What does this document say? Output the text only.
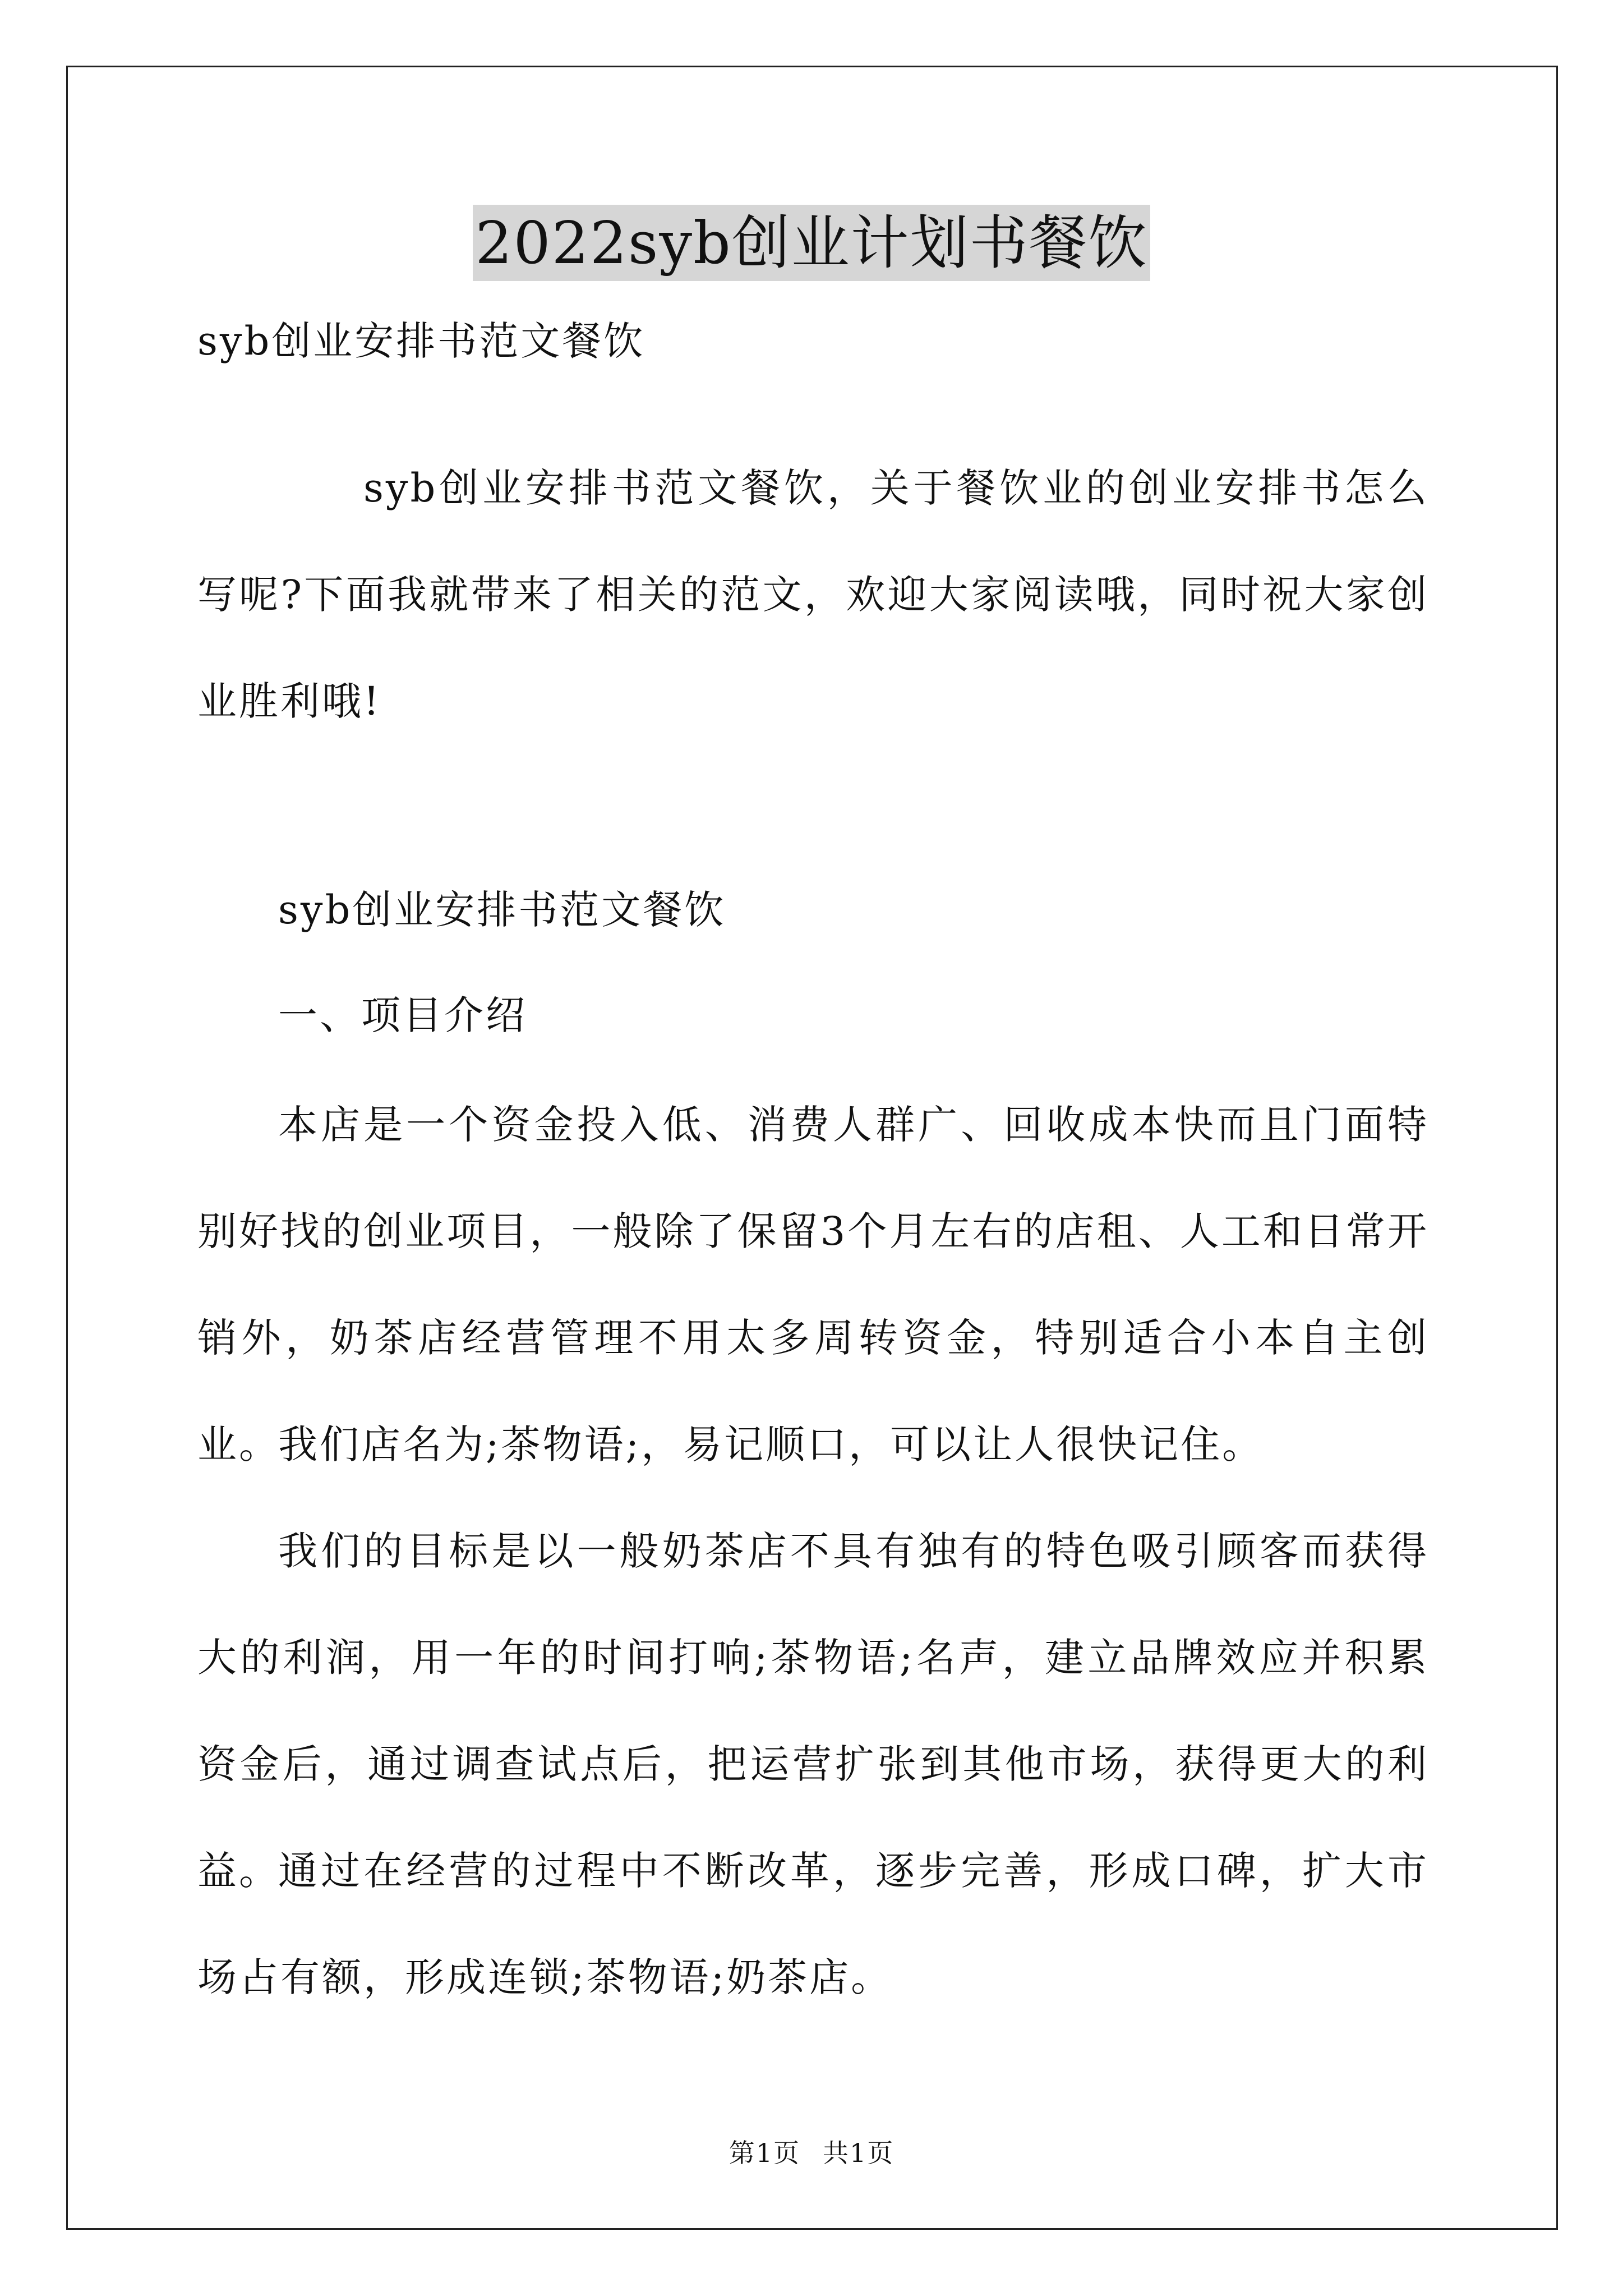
2022syb创业计划书餐饮
syb创业安排书范文餐饮
syb创业安排书范文餐饮，关于餐饮业的创业安排书怎么写呢?下面我就带来了相关的范文，欢迎大家阅读哦，同时祝大家创业胜利哦!
syb创业安排书范文餐饮
一、项目介绍
本店是一个资金投入低、消费人群广、回收成本快而且门面特别好找的创业项目，一般除了保留3个月左右的店租、人工和日常开销外，奶茶店经营管理不用太多周转资金，特别适合小本自主创业。
我们店名为;茶物语;，易记顺口，可以让人很快记住。
我们的目标是以一般奶茶店不具有独有的特色吸引顾客而获得大的利润，用一年的时间打响;茶物语;名声，建立品牌效应并积累资金后，通过调查试点后，把运营扩张到其他市场，获得更大的利益。
通过在经营的过程中不断改革，逐步完善，形成口碑，扩大市场占有额，形成连锁;茶物语;奶茶店。
第1页 共1页
